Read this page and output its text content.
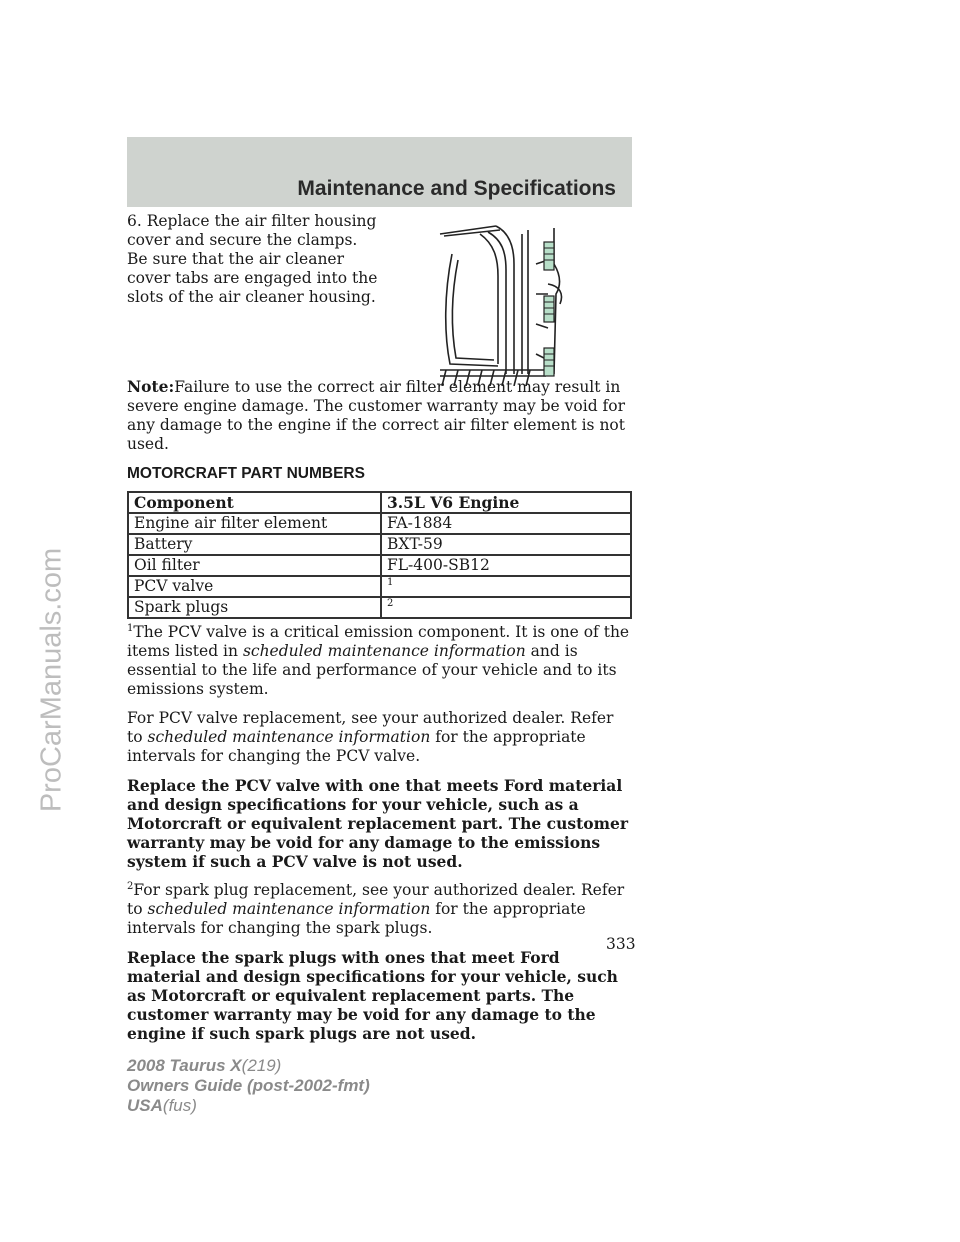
Maintenance and Specifications
ProCarManuals.com

6. Replace the air filter housing cover and secure the clamps. Be sure that the air cleaner cover tabs are engaged into the slots of the air cleaner housing.

Note:Failure to use the correct air filter element may result in severe engine damage. The customer warranty may be void for any damage to the engine if the correct air filter element is not used.

MOTORCRAFT PART NUMBERS
Component	3.5L V6 Engine
Engine air filter element	FA-1884
Battery	BXT-59
Oil filter	FL-400-SB12
PCV valve	$^1$
Spark plugs	$^2$

$^1$The PCV valve is a critical emission component. It is one of the items listed in scheduled maintenance information and is essential to the life and performance of your vehicle and to its emissions system.

For PCV valve replacement, see your authorized dealer. Refer to scheduled maintenance information for the appropriate intervals for changing the PCV valve.

Replace the PCV valve with one that meets Ford material and design specifications for your vehicle, such as a Motorcraft or equivalent replacement part. The customer warranty may be void for any damage to the emissions system if such a PCV valve is not used.

$^2$For spark plug replacement, see your authorized dealer. Refer to scheduled maintenance information for the appropriate intervals for changing the spark plugs.

Replace the spark plugs with ones that meet Ford material and design specifications for your vehicle, such as Motorcraft or equivalent replacement parts. The customer warranty may be void for any damage to the engine if such spark plugs are not used.

333
2008 Taurus X(219)
Owners Guide (post-2002-fmt)
USA(fus)
